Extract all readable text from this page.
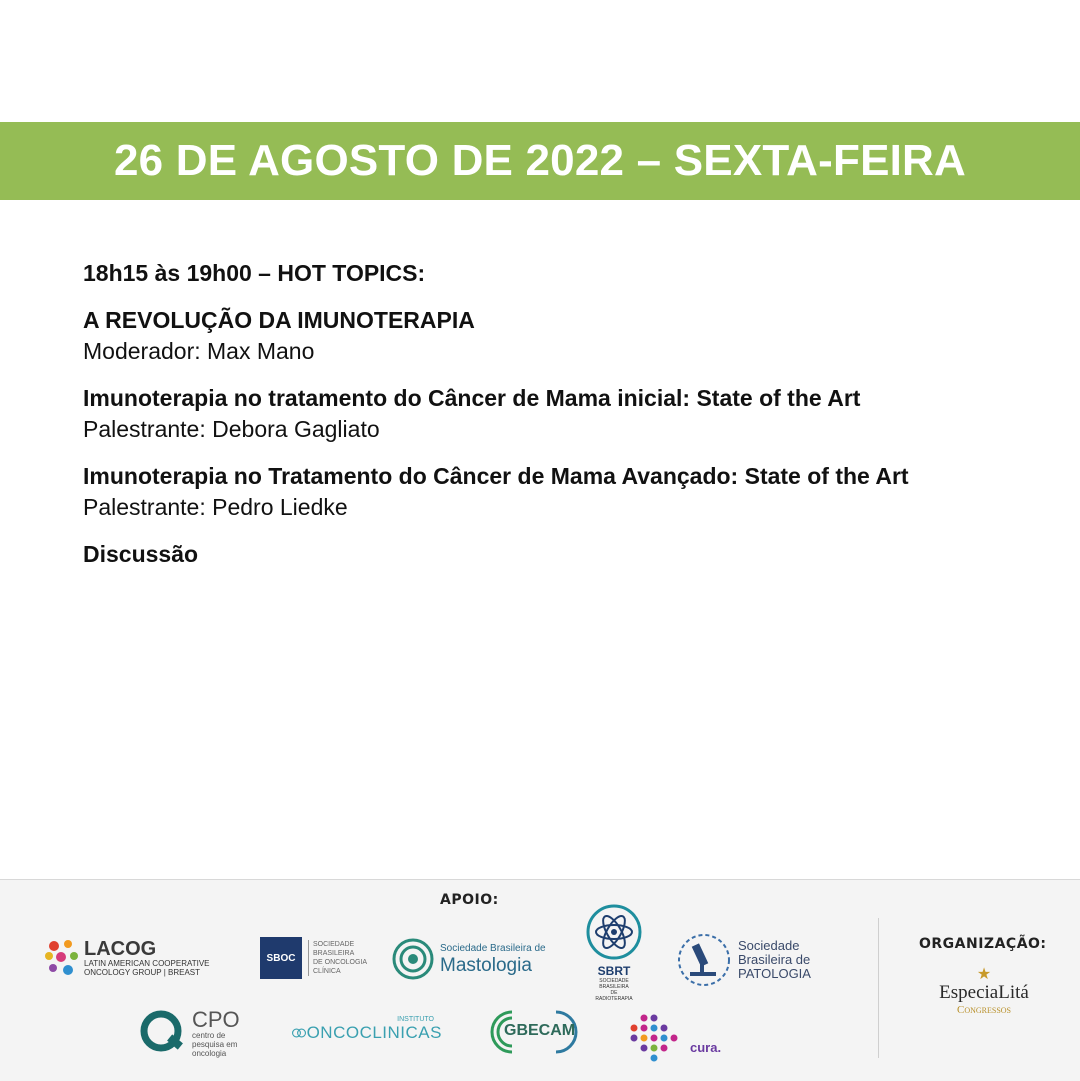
26 DE AGOSTO DE 2022 – SEXTA-FEIRA
18h15 às 19h00 – HOT TOPICS:
A REVOLUÇÃO DA IMUNOTERAPIA
Moderador: Max Mano
Imunoterapia no tratamento do Câncer de Mama inicial: State of the Art
Palestrante: Debora Gagliato
Imunoterapia no Tratamento do Câncer de Mama Avançado: State of the Art
Palestrante: Pedro Liedke
Discussão
APOIO:
ORGANIZAÇÃO:
LACOG
LATIN AMERICAN COOPERATIVE
ONCOLOGY GROUP | BREAST
SBOC
SOCIEDADE
BRASILEIRA
DE ONCOLOGIA
CLÍNICA
Sociedade Brasileira de
Mastologia	SBRT
SOCIEDADE
BRASILEIRA
DE
RADIOTERAPIA
Sociedade
Brasileira de
PATOLOGIA
CPO
centro de
pesquisa em
oncologia
INSTITUTO
ONCOCLINICAS	GBECAM
cura.
★
EspeciaLitá
Congressos
